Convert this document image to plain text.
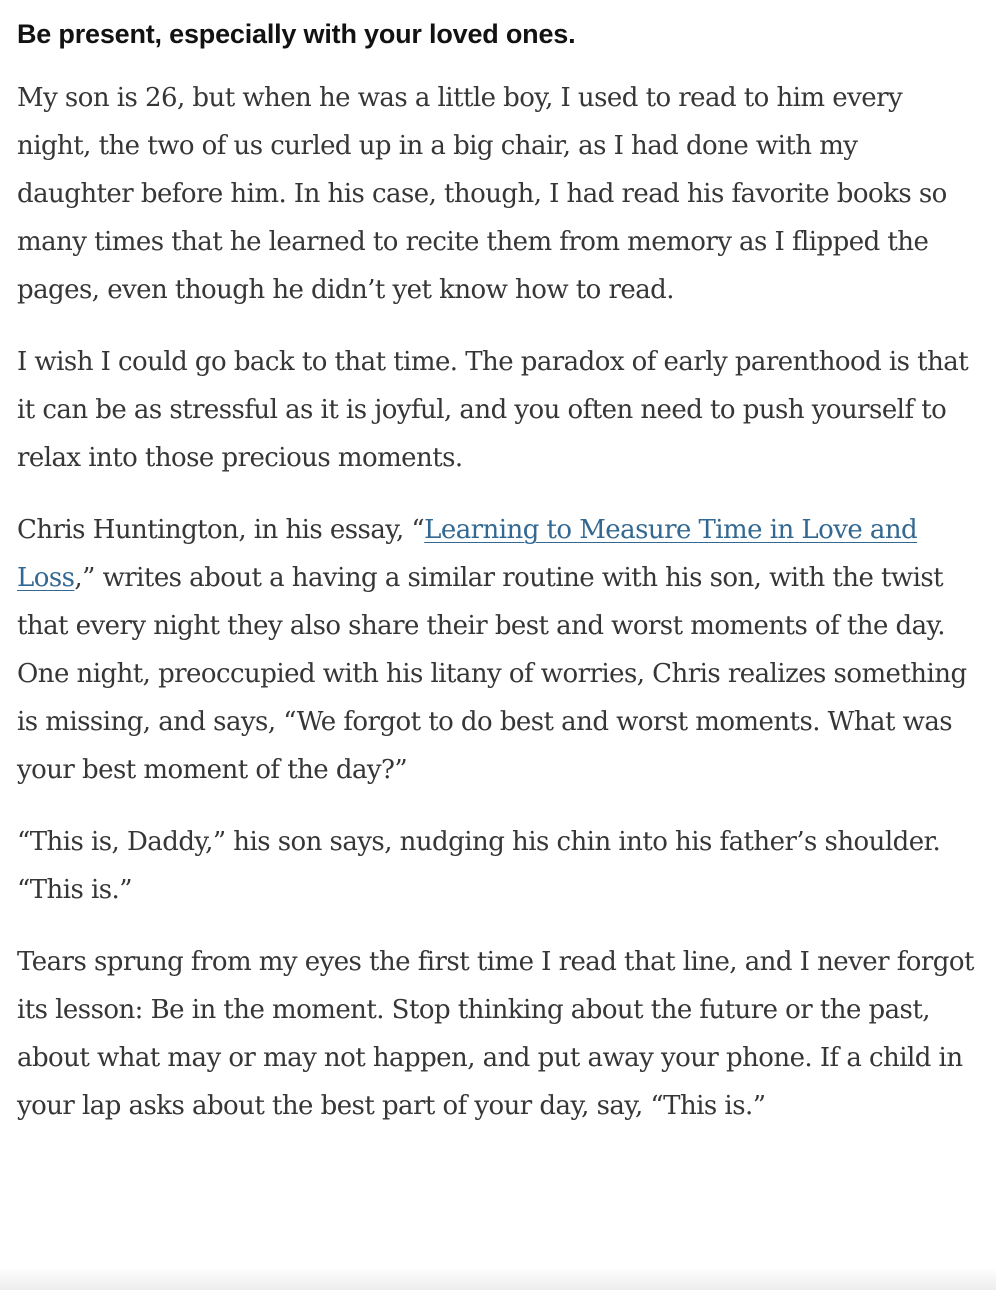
Be present, especially with your loved ones.

My son is 26, but when he was a little boy, I used to read to him every night, the two of us curled up in a big chair, as I had done with my daughter before him. In his case, though, I had read his favorite books so many times that he learned to recite them from memory as I flipped the pages, even though he didn’t yet know how to read.

I wish I could go back to that time. The paradox of early parenthood is that it can be as stressful as it is joyful, and you often need to push yourself to relax into those precious moments.

Chris Huntington, in his essay, “Learning to Measure Time in Love and Loss,” writes about a having a similar routine with his son, with the twist that every night they also share their best and worst moments of the day. One night, preoccupied with his litany of worries, Chris realizes something is missing, and says, “We forgot to do best and worst moments. What was your best moment of the day?”

“This is, Daddy,” his son says, nudging his chin into his father’s shoulder. “This is.”

Tears sprung from my eyes the first time I read that line, and I never forgot its lesson: Be in the moment. Stop thinking about the future or the past, about what may or may not happen, and put away your phone. If a child in your lap asks about the best part of your day, say, “This is.”
